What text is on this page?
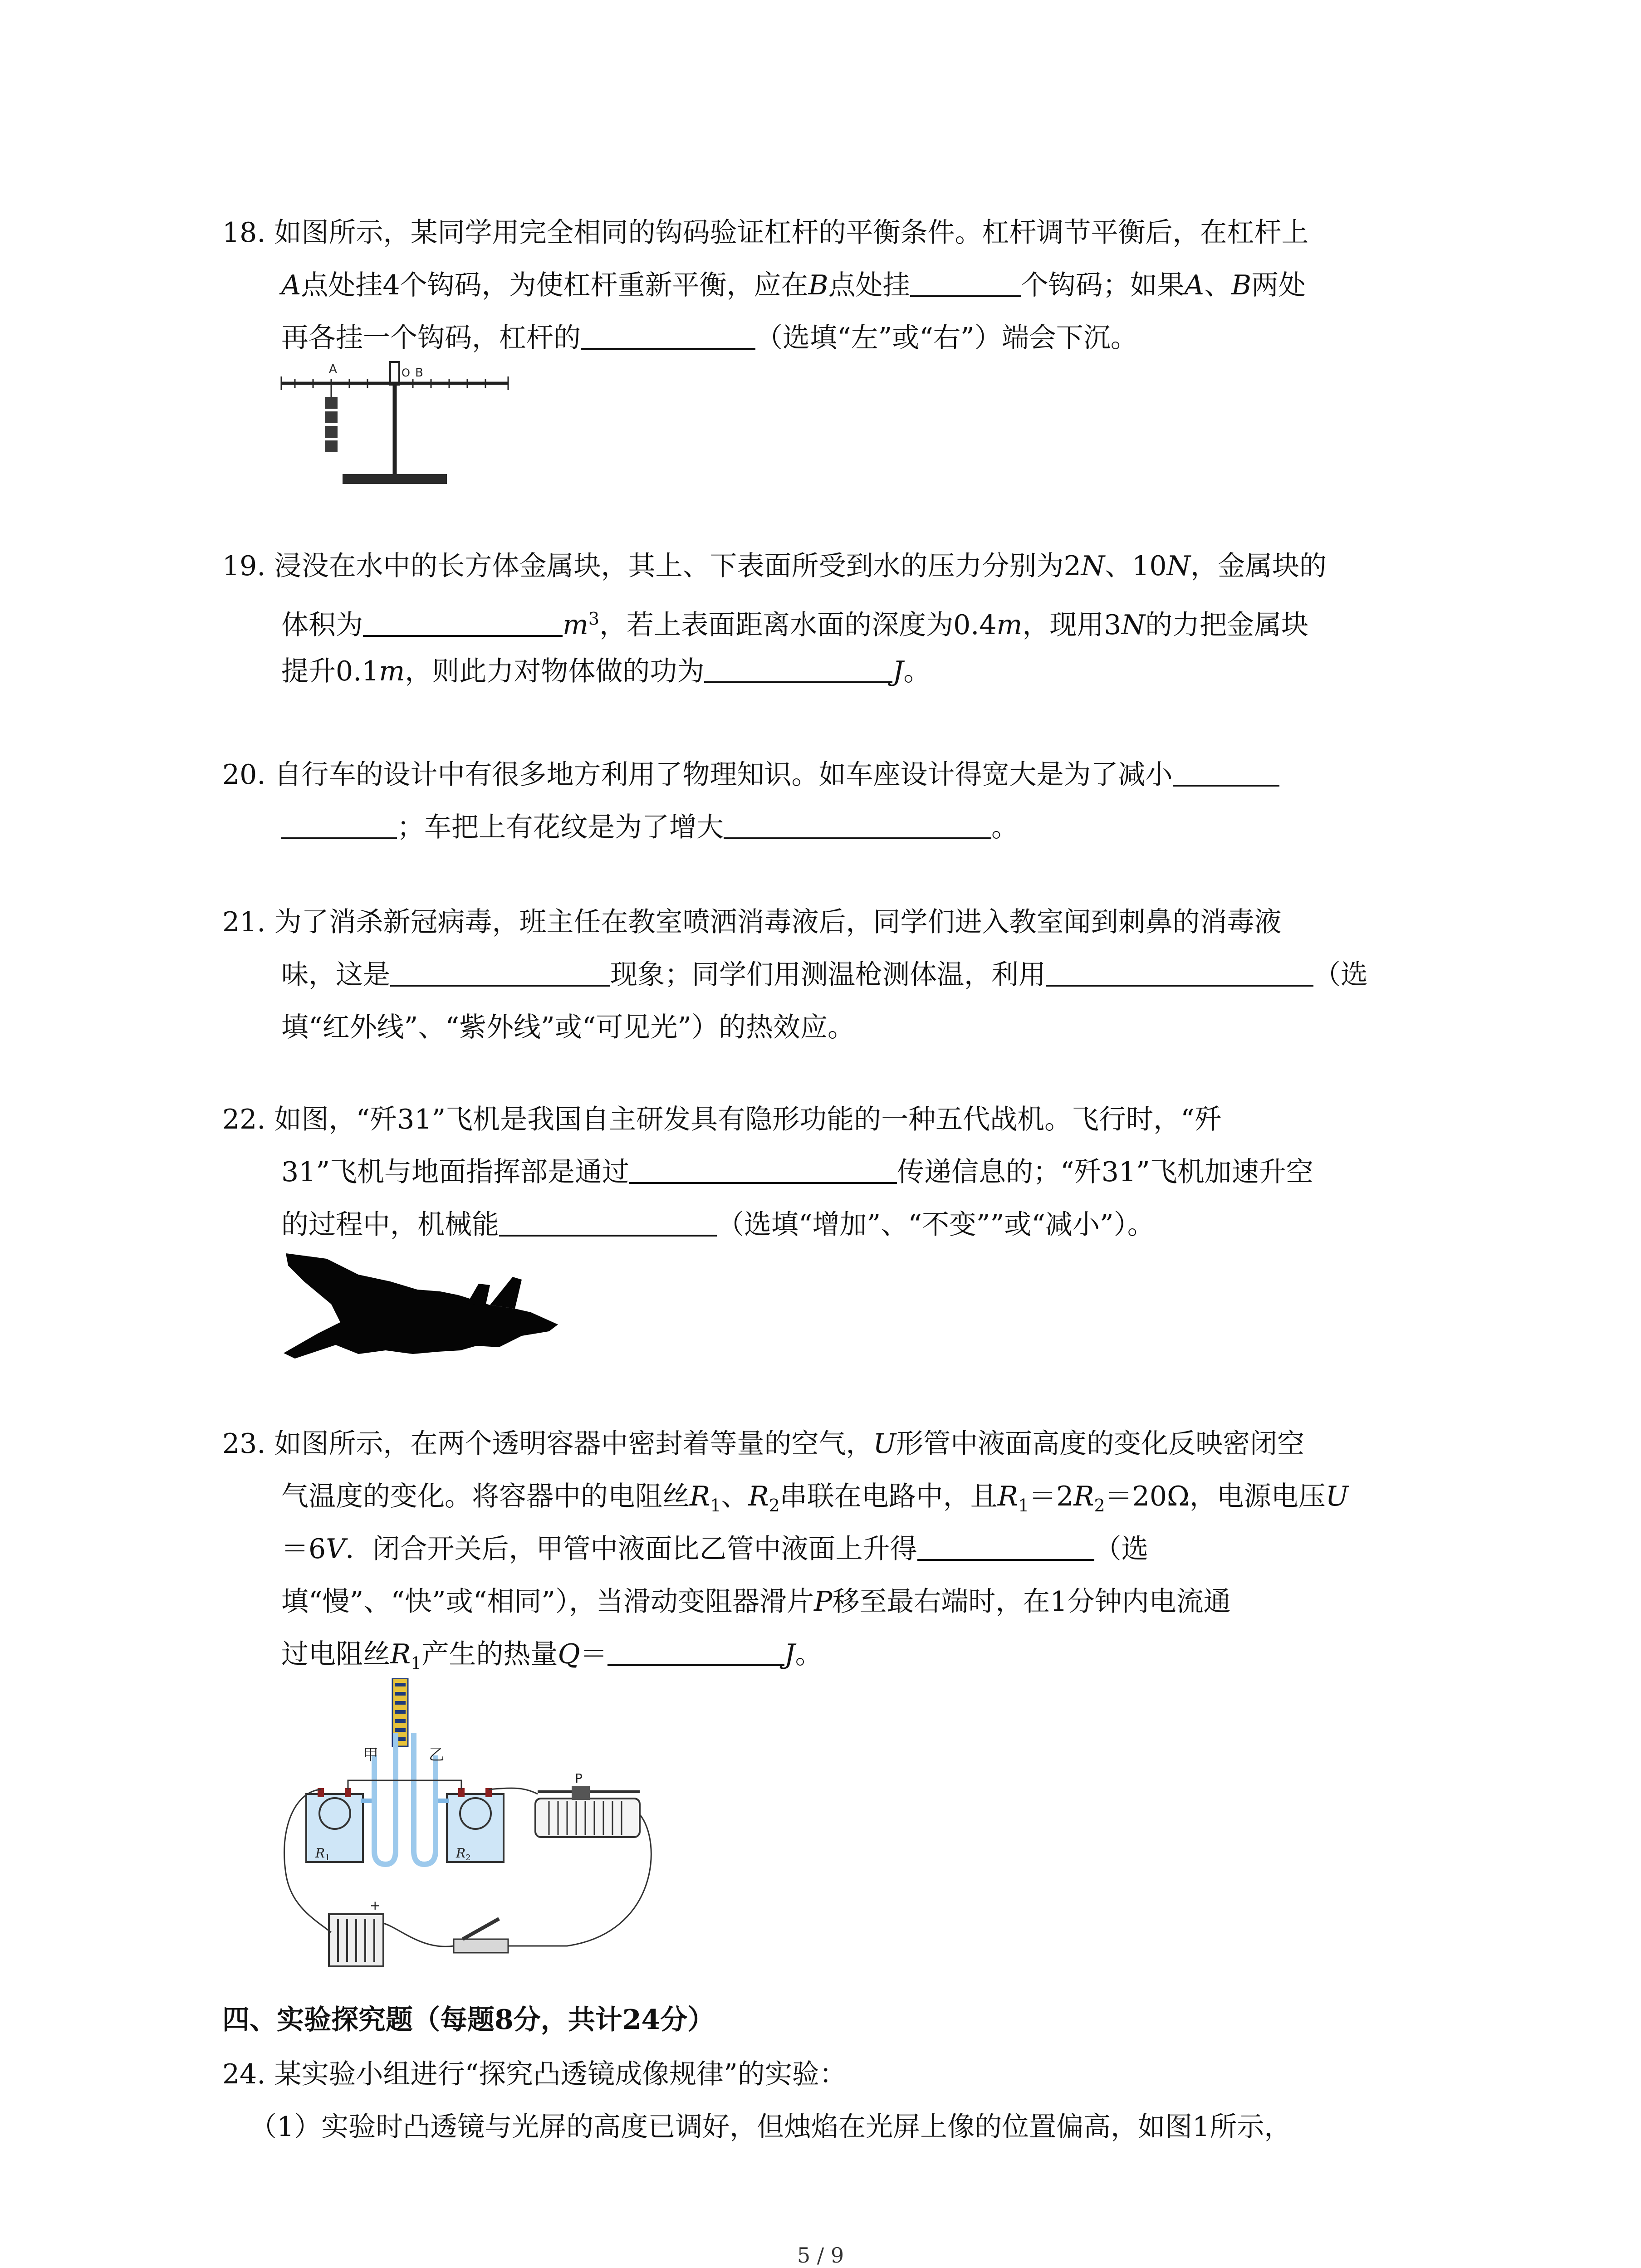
18. 如图所示，某同学用完全相同的钩码验证杠杆的平衡条件。杠杆调节平衡后，在杠杆上
A点处挂4个钩码，为使杠杆重新平衡，应在B点处挂	个钩码；如果A、B两处
再各挂一个钩码，杠杆的	（选填“左”或“右”）端会下沉。
A	O B
19. 浸没在水中的长方体金属块，其上、下表面所受到水的压力分别为2N、10N，金属块的
体积为	$m^3$，若上表面距离水面的深度为0.4m，现用3N的力把金属块
提升0.1m，则此力对物体做的功为	J。
20. 自行车的设计中有很多地方利用了物理知识。如车座设计得宽大是为了减小
；车把上有花纹是为了增大	。
21. 为了消杀新冠病毒，班主任在教室喷洒消毒液后，同学们进入教室闻到刺鼻的消毒液
味，这是	现象；同学们用测温枪测体温，利用	（选
填“红外线”、“紫外线”或“可见光”）的热效应。
22. 如图，“歼31”飞机是我国自主研发具有隐形功能的一种五代战机。飞行时，“歼
31”飞机与地面指挥部是通过	传递信息的；“歼31”飞机加速升空
的过程中，机械能	（选填“增加”、“不变””或“减小”）。
23. 如图所示，在两个透明容器中密封着等量的空气，U形管中液面高度的变化反映密闭空
气温度的变化。将容器中的电阻丝$R_1$、$R_2$串联在电路中，且$R_1=2R_2=20\Omega$，电源电压U
＝6V．闭合开关后，甲管中液面比乙管中液面上升得	（选
填“慢”、“快”或“相同”），当滑动变阻器滑片P移至最右端时，在1分钟内电流通
过电阻丝$R_1$产生的热量Q＝	J。
甲	乙
$R_1$	$R_2$
P
+
四、实验探究题（每题8分，共计24分）
24. 某实验小组进行“探究凸透镜成像规律”的实验：
（1）实验时凸透镜与光屏的高度已调好，但烛焰在光屏上像的位置偏高，如图1所示，
5 / 9
